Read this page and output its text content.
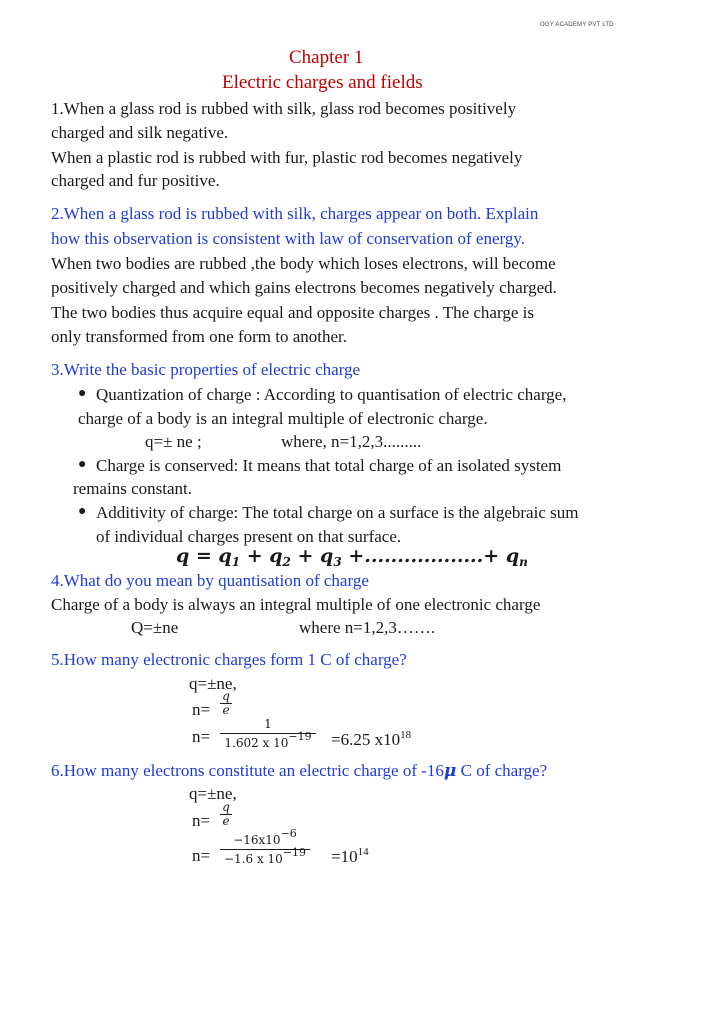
OGY ACADEMY PVT LTD
Chapter 1
Electric charges and fields
1.When a glass rod is rubbed with silk, glass rod becomes positively
charged and silk negative.
When a plastic rod is rubbed with fur, plastic rod becomes negatively
charged and fur positive.
2.When a glass rod is rubbed with silk, charges appear on both. Explain
how this observation is consistent with law of conservation of energy.
When two bodies are rubbed ,the body which loses electrons, will become
positively charged and which gains electrons becomes negatively charged.
The two bodies thus acquire equal and opposite charges . The charge is
only transformed from one form to another.
3.Write the basic properties of electric charge
● Quantization of charge : According to quantisation of electric charge,
charge of a body is an integral multiple of electronic charge.
q=± ne ;	where, n=1,2,3.........
● Charge is conserved: It means that total charge of an isolated system
remains constant.
● Additivity of charge: The total charge on a surface is the algebraic sum
of individual charges present on that surface.
$q = q_1 + q_2 + q_3$ +..................+ $q_n$
4.What do you mean by quantisation of charge
Charge of a body is always an integral multiple of one electronic charge
Q=±ne	where n=1,2,3…….
5.How many electronic charges form 1 C of charge?
q=±ne,
n=
q
e
n=
1
1.602 x $10^{-19} =6.25$ $x10^{18}$
6.How many electrons constitute an electric charge of -16μ C of charge?
q=±ne,
n=
q
e
n=
$-16x10^{-6}$
−1.6 x $10^{-19} =10^{14}$
